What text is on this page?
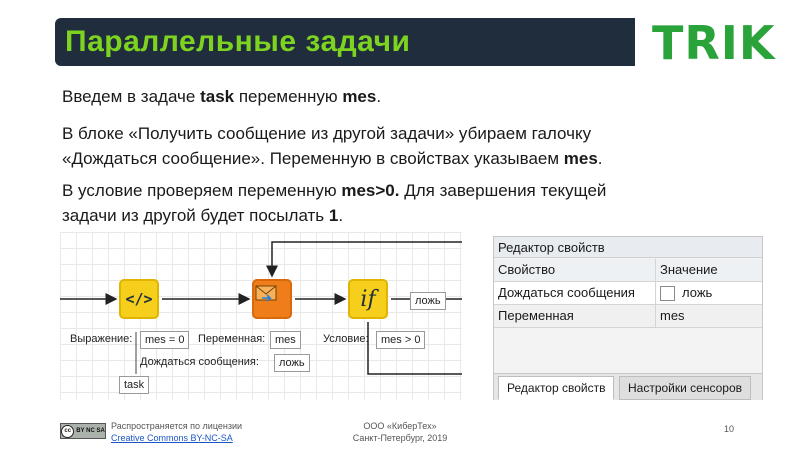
Параллельные задачи	TRIK
Введем в задаче task переменную mes.
В блоке «Получить сообщение из другой задачи» убираем галочку
«Дождаться сообщение». Переменную в свойствах указываем mes.
В условие проверяем переменную mes>0. Для завершения текущей
задачи из другой будет посылать 1.
</>	if	ложь
Выражение:	mes = 0	Переменная: mes	Условие:	mes > 0
Дождаться сообщения:	ложь
task
Редактор свойств
Свойство	Значение
Дождаться сообщения	ложь
Переменная	mes
Редактор свойств	Настройки сенсоров
cc BY NC SA Распространяется по лицензии
Creative Commons BY-NC-SA
ООО «КиберТех»
Санкт-Петербург, 2019
10
